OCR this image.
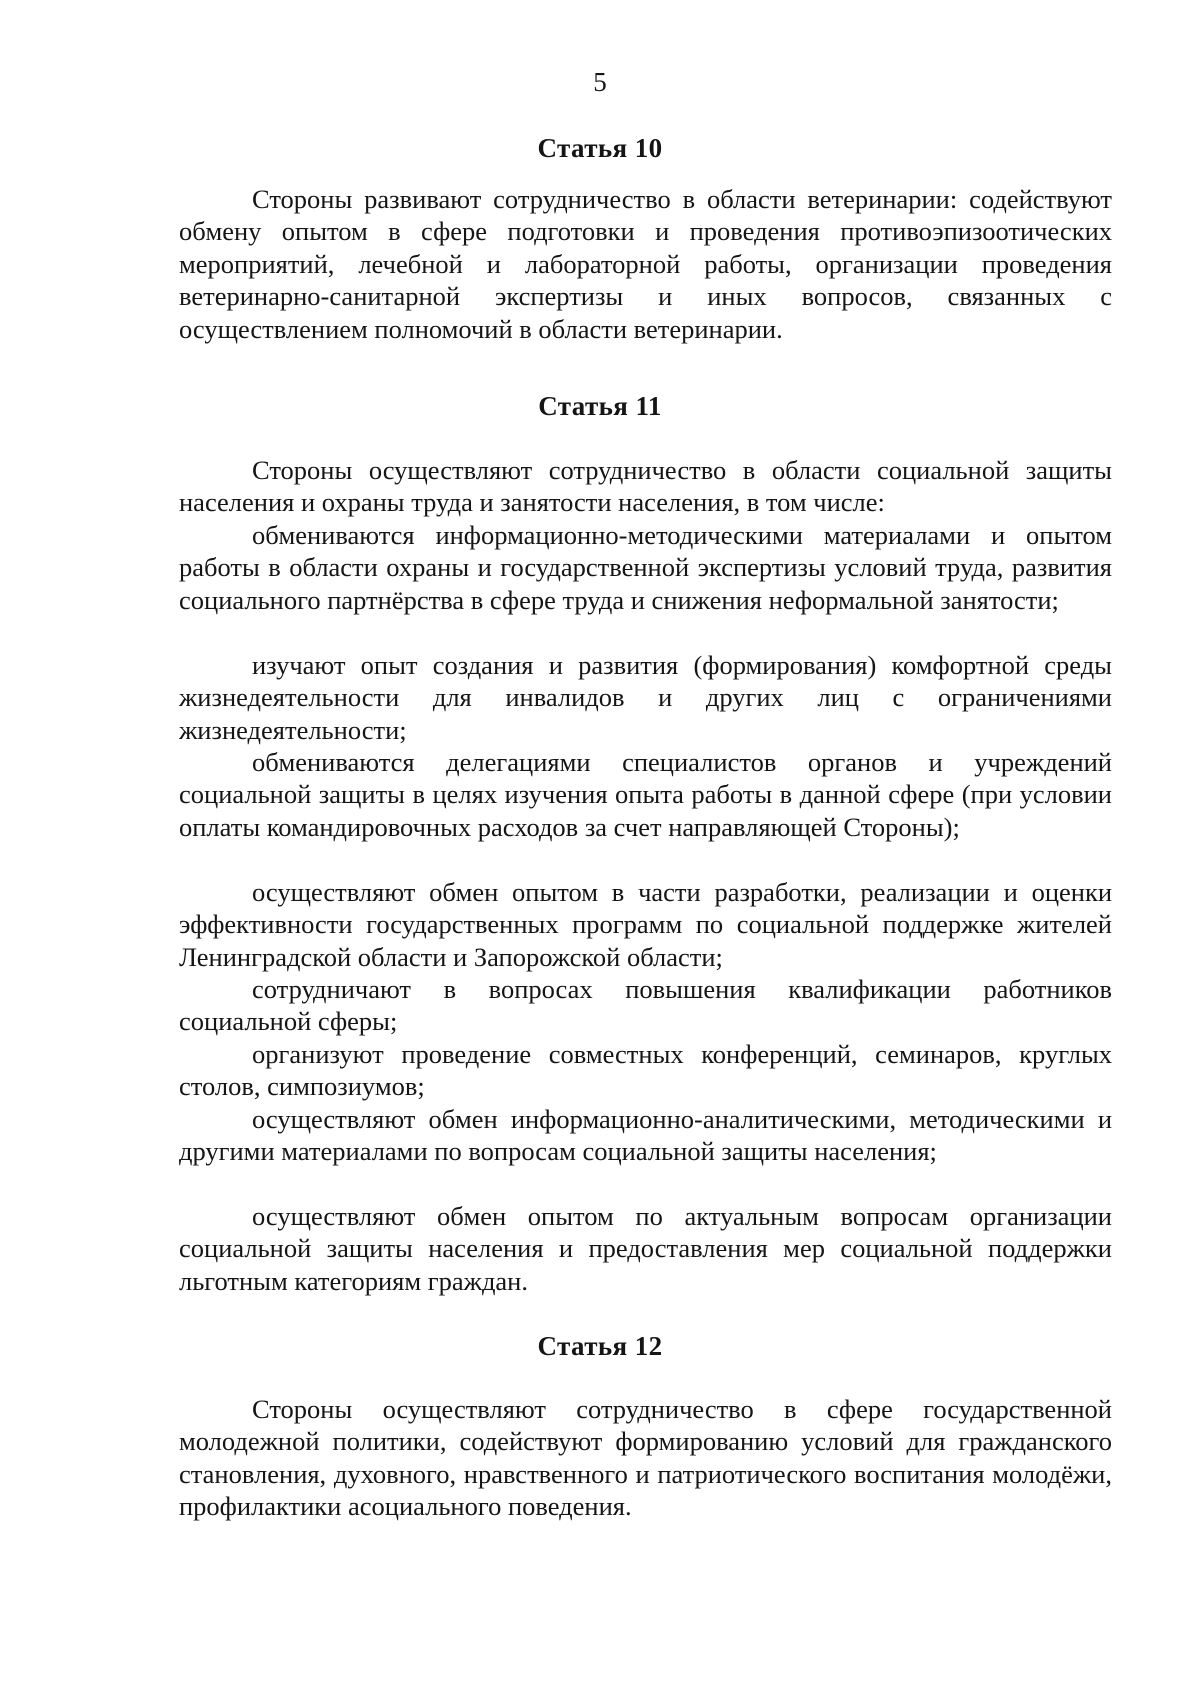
5
Статья 10
Стороны развивают сотрудничество в области ветеринарии: содействуют обмену опытом в сфере подготовки и проведения противоэпизоотических мероприятий, лечебной и лабораторной работы, организации проведения ветеринарно-санитарной экспертизы и иных вопросов, связанных с осуществлением полномочий в области ветеринарии.
Статья 11
Стороны осуществляют сотрудничество в области социальной защиты населения и охраны труда и занятости населения, в том числе:
обмениваются информационно-методическими материалами и опытом работы в области охраны и государственной экспертизы условий труда, развития социального партнёрства в сфере труда и снижения неформальной занятости;
изучают опыт создания и развития (формирования) комфортной среды жизнедеятельности для инвалидов и других лиц с ограничениями жизнедеятельности;
обмениваются делегациями специалистов органов и учреждений социальной защиты в целях изучения опыта работы в данной сфере (при условии оплаты командировочных расходов за счет направляющей Стороны);
осуществляют обмен опытом в части разработки, реализации и оценки эффективности государственных программ по социальной поддержке жителей Ленинградской области и Запорожской области;
сотрудничают в вопросах повышения квалификации работников социальной сферы;
организуют проведение совместных конференций, семинаров, круглых столов, симпозиумов;
осуществляют обмен информационно-аналитическими, методическими и другими материалами по вопросам социальной защиты населения;
осуществляют обмен опытом по актуальным вопросам организации социальной защиты населения и предоставления мер социальной поддержки льготным категориям граждан.
Статья 12
Стороны осуществляют сотрудничество в сфере государственной молодежной политики, содействуют формированию условий для гражданского становления, духовного, нравственного и патриотического воспитания молодёжи, профилактики асоциального поведения.
